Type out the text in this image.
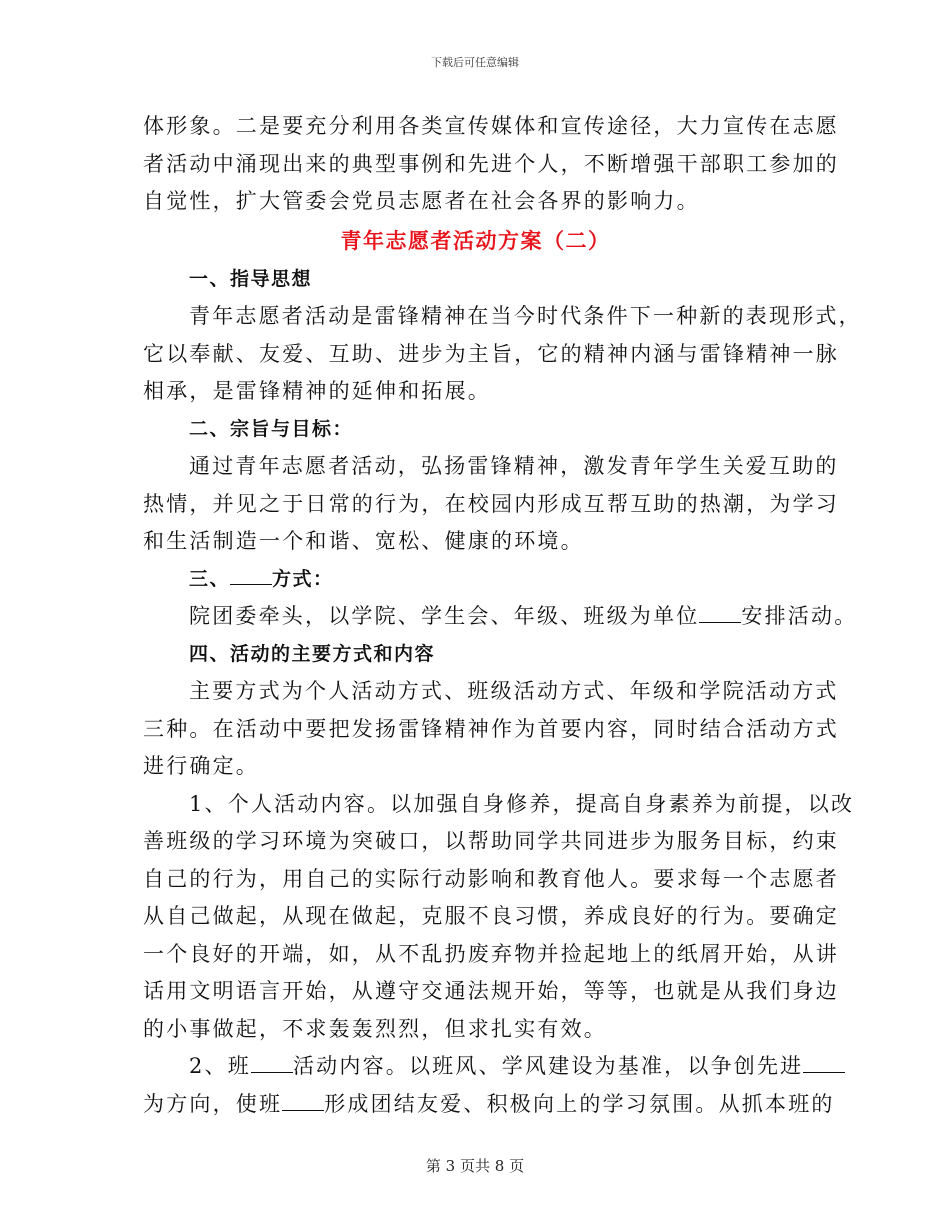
下载后可任意编辑
体形象。二是要充分利用各类宣传媒体和宣传途径，大力宣传在志愿
者活动中涌现出来的典型事例和先进个人，不断增强干部职工参加的
自觉性，扩大管委会党员志愿者在社会各界的影响力。
青年志愿者活动方案（二）
一、指导思想
青年志愿者活动是雷锋精神在当今时代条件下一种新的表现形式，
它以奉献、友爱、互助、进步为主旨，它的精神内涵与雷锋精神一脉
相承，是雷锋精神的延伸和拓展。
二、宗旨与目标：
通过青年志愿者活动，弘扬雷锋精神，激发青年学生关爱互助的
热情，并见之于日常的行为，在校园内形成互帮互助的热潮，为学习
和生活制造一个和谐、宽松、健康的环境。
三、 方式：
院团委牵头，以学院、学生会、年级、班级为单位 安排活动。
四、活动的主要方式和内容
主要方式为个人活动方式、班级活动方式、年级和学院活动方式
三种。在活动中要把发扬雷锋精神作为首要内容，同时结合活动方式
进行确定。
1、个人活动内容。以加强自身修养，提高自身素养为前提，以改
善班级的学习环境为突破口，以帮助同学共同进步为服务目标，约束
自己的行为，用自己的实际行动影响和教育他人。要求每一个志愿者
从自己做起，从现在做起，克服不良习惯，养成良好的行为。要确定
一个良好的开端，如，从不乱扔废弃物并捡起地上的纸屑开始，从讲
话用文明语言开始，从遵守交通法规开始，等等，也就是从我们身边
的小事做起，不求轰轰烈烈，但求扎实有效。
2、班 活动内容。以班风、学风建设为基准，以争创先进
为方向，使班 形成团结友爱、积极向上的学习氛围。从抓本班的
第 3 页共 8 页
